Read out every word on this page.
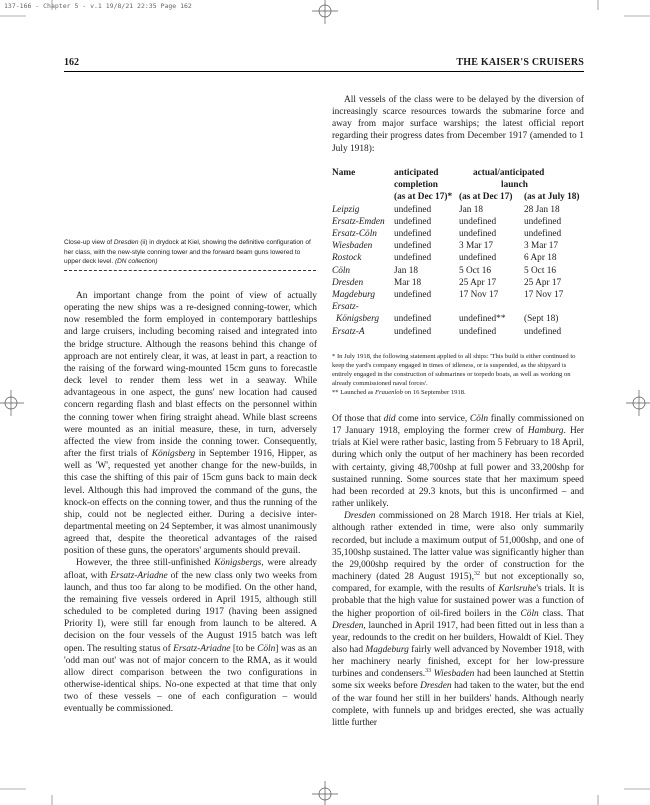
137-166 - Chapter 5 - v.1 19/8/21 22:35 Page 162
162	THE KAISER'S CRUISERS
Close-up view of Dresden (ii) in drydock at Kiel, showing the definitive configuration of her class, with the new-style conning tower and the forward beam guns lowered to upper deck level. (DN collection)

An important change from the point of view of actually operating the new ships was a re-designed conning-tower, which now resembled the form employed in contemporary battleships and large cruisers, including becoming raised and integrated into the bridge structure. Although the reasons behind this change of approach are not entirely clear, it was, at least in part, a reaction to the raising of the forward wing-mounted 15cm guns to forecastle deck level to render them less wet in a seaway. While advantageous in one aspect, the guns' new location had caused concern regarding flash and blast effects on the personnel within the conning tower when firing straight ahead. While blast screens were mounted as an initial measure, these, in turn, adversely affected the view from inside the conning tower. Consequently, after the first trials of Königsberg in September 1916, Hipper, as well as 'W', requested yet another change for the new-builds, in this case the shifting of this pair of 15cm guns back to main deck level. Although this had improved the command of the guns, the knock-on effects on the conning tower, and thus the running of the ship, could not be neglected either. During a decisive inter-departmental meeting on 24 September, it was almost unanimously agreed that, despite the theoretical advantages of the raised position of these guns, the operators' arguments should prevail.

However, the three still-unfinished Königsbergs, were already afloat, with Ersatz-Ariadne of the new class only two weeks from launch, and thus too far along to be modified. On the other hand, the remaining five vessels ordered in April 1915, although still scheduled to be completed during 1917 (having been assigned Priority I), were still far enough from launch to be altered. A decision on the four vessels of the August 1915 batch was left open. The resulting status of Ersatz-Ariadne [to be Cöln] was as an 'odd man out' was not of major concern to the RMA, as it would allow direct comparison between the two configurations in otherwise-identical ships. No-one expected at that time that only two of these vessels – one of each configuration – would eventually be commissioned.

All vessels of the class were to be delayed by the diversion of increasingly scarce resources towards the submarine force and away from major surface warships; the latest official report regarding their progress dates from December 1917 (amended to 1 July 1918):

Name	anticipated	actual/anticipated	
	completion	launch	
	(as at Dec 17)*	(as at Dec 17)	(as at July 18)
Leipzig	undefined	Jan 18	28 Jan 18
Ersatz-Emden	undefined	undefined	undefined
Ersatz-Cöln	undefined	undefined	undefined
Wiesbaden	undefined	3 Mar 17	3 Mar 17
Rostock	undefined	undefined	6 Apr 18
Cöln	Jan 18	5 Oct 16	5 Oct 16
Dresden	Mar 18	25 Apr 17	25 Apr 17
Magdeburg	undefined	17 Nov 17	17 Nov 17
Ersatz-			
Königsberg	undefined	undefined**	(Sept 18)
Ersatz-A	undefined	undefined	undefined

* In July 1918, the following statement applied to all ships: 'This build is either continued to keep the yard's company engaged in times of idleness, or is suspended, as the shipyard is entirely engaged in the construction of submarines or torpedo boats, as well as working on already commissioned naval forces'.

** Launched as Frauenlob on 16 September 1918.

Of those that did come into service, Cöln finally commissioned on 17 January 1918, employing the former crew of Hamburg. Her trials at Kiel were rather basic, lasting from 5 February to 18 April, during which only the output of her machinery has been recorded with certainty, giving 48,700shp at full power and 33,200shp for sustained running. Some sources state that her maximum speed had been recorded at 29.3 knots, but this is unconfirmed – and rather unlikely.

Dresden commissioned on 28 March 1918. Her trials at Kiel, although rather extended in time, were also only summarily recorded, but include a maximum output of 51,000shp, and one of 35,100shp sustained. The latter value was significantly higher than the 29,000shp required by the order of construction for the machinery (dated 28 August 1915),$^{32}$ but not exceptionally so, compared, for example, with the results of Karlsruhe's trials. It is probable that the high value for sustained power was a function of the higher proportion of oil-fired boilers in the Cöln class. That Dresden, launched in April 1917, had been fitted out in less than a year, redounds to the credit on her builders, Howaldt of Kiel. They also had Magdeburg fairly well advanced by November 1918, with her machinery nearly finished, except for her low-pressure turbines and condensers.$^{33}$ Wiesbaden had been launched at Stettin some six weeks before Dresden had taken to the water, but the end of the war found her still in her builders' hands. Although nearly complete, with funnels up and bridges erected, she was actually little further
